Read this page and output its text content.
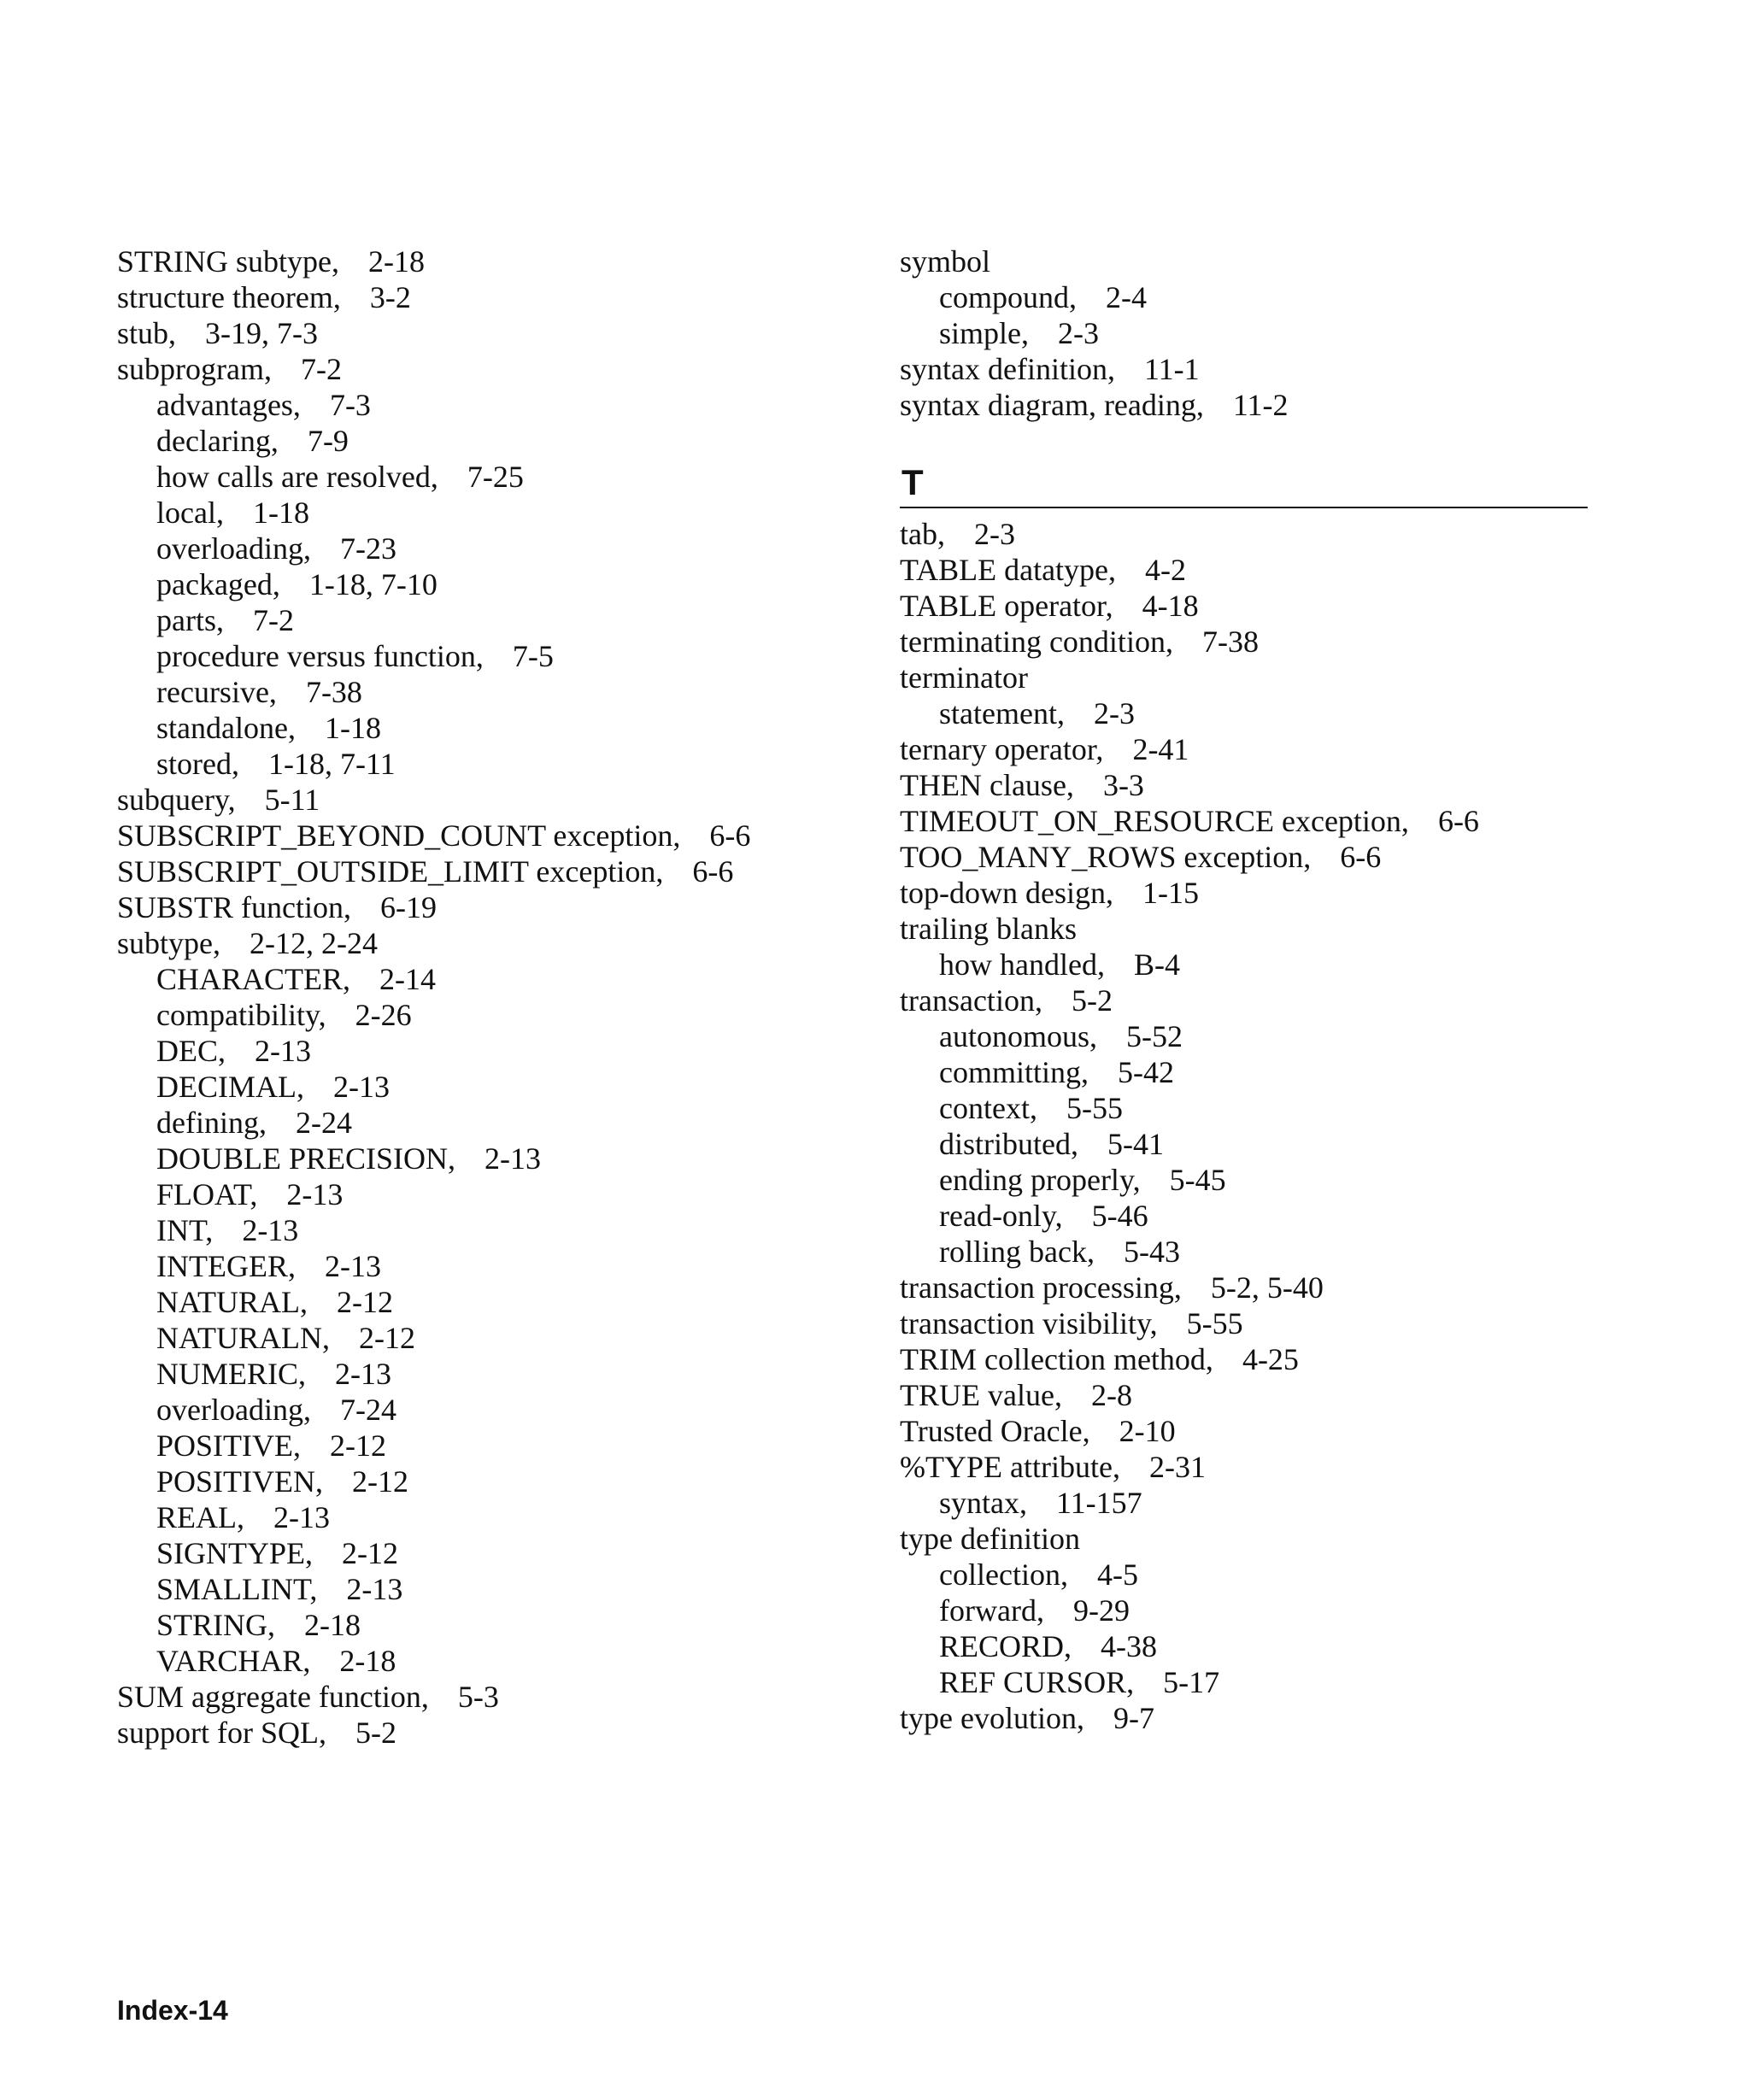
STRING subtype, 2-18
structure theorem, 3-2
stub, 3-19, 7-3
subprogram, 7-2
advantages, 7-3
declaring, 7-9
how calls are resolved, 7-25
local, 1-18
overloading, 7-23
packaged, 1-18, 7-10
parts, 7-2
procedure versus function, 7-5
recursive, 7-38
standalone, 1-18
stored, 1-18, 7-11
subquery, 5-11
SUBSCRIPT_BEYOND_COUNT exception, 6-6
SUBSCRIPT_OUTSIDE_LIMIT exception, 6-6
SUBSTR function, 6-19
subtype, 2-12, 2-24
CHARACTER, 2-14
compatibility, 2-26
DEC, 2-13
DECIMAL, 2-13
defining, 2-24
DOUBLE PRECISION, 2-13
FLOAT, 2-13
INT, 2-13
INTEGER, 2-13
NATURAL, 2-12
NATURALN, 2-12
NUMERIC, 2-13
overloading, 7-24
POSITIVE, 2-12
POSITIVEN, 2-12
REAL, 2-13
SIGNTYPE, 2-12
SMALLINT, 2-13
STRING, 2-18
VARCHAR, 2-18
SUM aggregate function, 5-3
support for SQL, 5-2
symbol
compound, 2-4
simple, 2-3
syntax definition, 11-1
syntax diagram, reading, 11-2
T
tab, 2-3
TABLE datatype, 4-2
TABLE operator, 4-18
terminating condition, 7-38
terminator
statement, 2-3
ternary operator, 2-41
THEN clause, 3-3
TIMEOUT_ON_RESOURCE exception, 6-6
TOO_MANY_ROWS exception, 6-6
top-down design, 1-15
trailing blanks
how handled, B-4
transaction, 5-2
autonomous, 5-52
committing, 5-42
context, 5-55
distributed, 5-41
ending properly, 5-45
read-only, 5-46
rolling back, 5-43
transaction processing, 5-2, 5-40
transaction visibility, 5-55
TRIM collection method, 4-25
TRUE value, 2-8
Trusted Oracle, 2-10
%TYPE attribute, 2-31
syntax, 11-157
type definition
collection, 4-5
forward, 9-29
RECORD, 4-38
REF CURSOR, 5-17
type evolution, 9-7
Index-14
